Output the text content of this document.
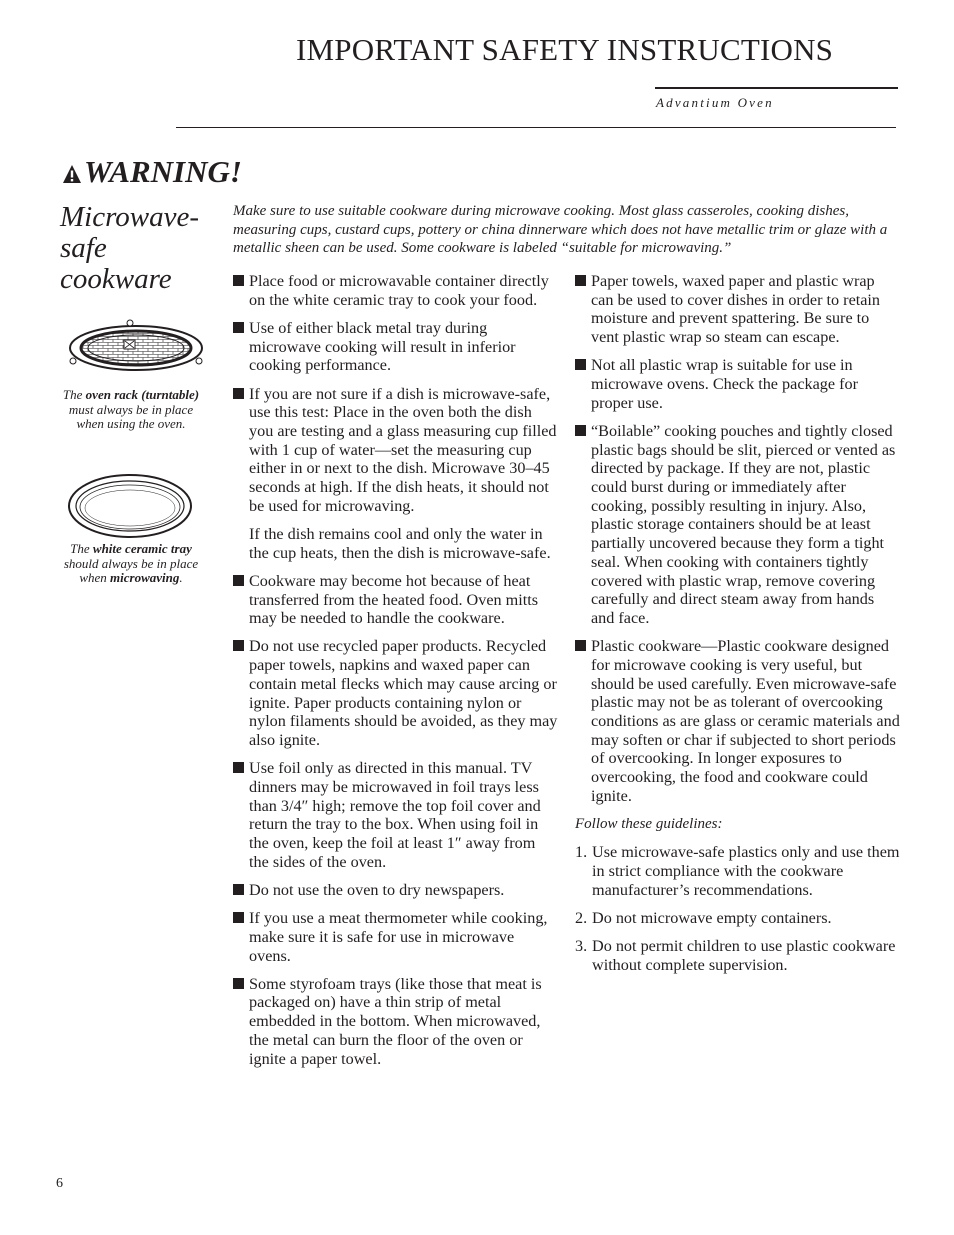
IMPORTANT SAFETY INSTRUCTIONS
Advantium Oven
WARNING!
Microwave-safe cookware
The oven rack (turntable) must always be in place when using the oven.
The white ceramic tray should always be in place when microwaving.
Make sure to use suitable cookware during microwave cooking. Most glass casseroles, cooking dishes, measuring cups, custard cups, pottery or china dinnerware which does not have metallic trim or glaze with a metallic sheen can be used. Some cookware is labeled “suitable for microwaving.”
Place food or microwavable container directly on the white ceramic tray to cook your food.
Use of either black metal tray during microwave cooking will result in inferior cooking performance.
If you are not sure if a dish is microwave-safe, use this test: Place in the oven both the dish you are testing and a glass measuring cup filled with 1 cup of water—set the measuring cup either in or next to the dish. Microwave 30–45 seconds at high. If the dish heats, it should not be used for microwaving.
If the dish remains cool and only the water in the cup heats, then the dish is microwave-safe.
Cookware may become hot because of heat transferred from the heated food. Oven mitts may be needed to handle the cookware.
Do not use recycled paper products. Recycled paper towels, napkins and waxed paper can contain metal flecks which may cause arcing or ignite. Paper products containing nylon or nylon filaments should be avoided, as they may also ignite.
Use foil only as directed in this manual. TV dinners may be microwaved in foil trays less than 3/4″ high; remove the top foil cover and return the tray to the box. When using foil in the oven, keep the foil at least 1″ away from the sides of the oven.
Do not use the oven to dry newspapers.
If you use a meat thermometer while cooking, make sure it is safe for use in microwave ovens.
Some styrofoam trays (like those that meat is packaged on) have a thin strip of metal embedded in the bottom. When microwaved, the metal can burn the floor of the oven or ignite a paper towel.
Paper towels, waxed paper and plastic wrap can be used to cover dishes in order to retain moisture and prevent spattering. Be sure to vent plastic wrap so steam can escape.
Not all plastic wrap is suitable for use in microwave ovens. Check the package for proper use.
“Boilable” cooking pouches and tightly closed plastic bags should be slit, pierced or vented as directed by package. If they are not, plastic could burst during or immediately after cooking, possibly resulting in injury. Also, plastic storage containers should be at least partially uncovered because they form a tight seal. When cooking with containers tightly covered with plastic wrap, remove covering carefully and direct steam away from hands and face.
Plastic cookware—Plastic cookware designed for microwave cooking is very useful, but should be used carefully. Even microwave-safe plastic may not be as tolerant of overcooking conditions as are glass or ceramic materials and may soften or char if subjected to short periods of overcooking. In longer exposures to overcooking, the food and cookware could ignite.
Follow these guidelines:
1. Use microwave-safe plastics only and use them in strict compliance with the cookware manufacturer’s recommendations.
2. Do not microwave empty containers.
3. Do not permit children to use plastic cookware without complete supervision.
6
